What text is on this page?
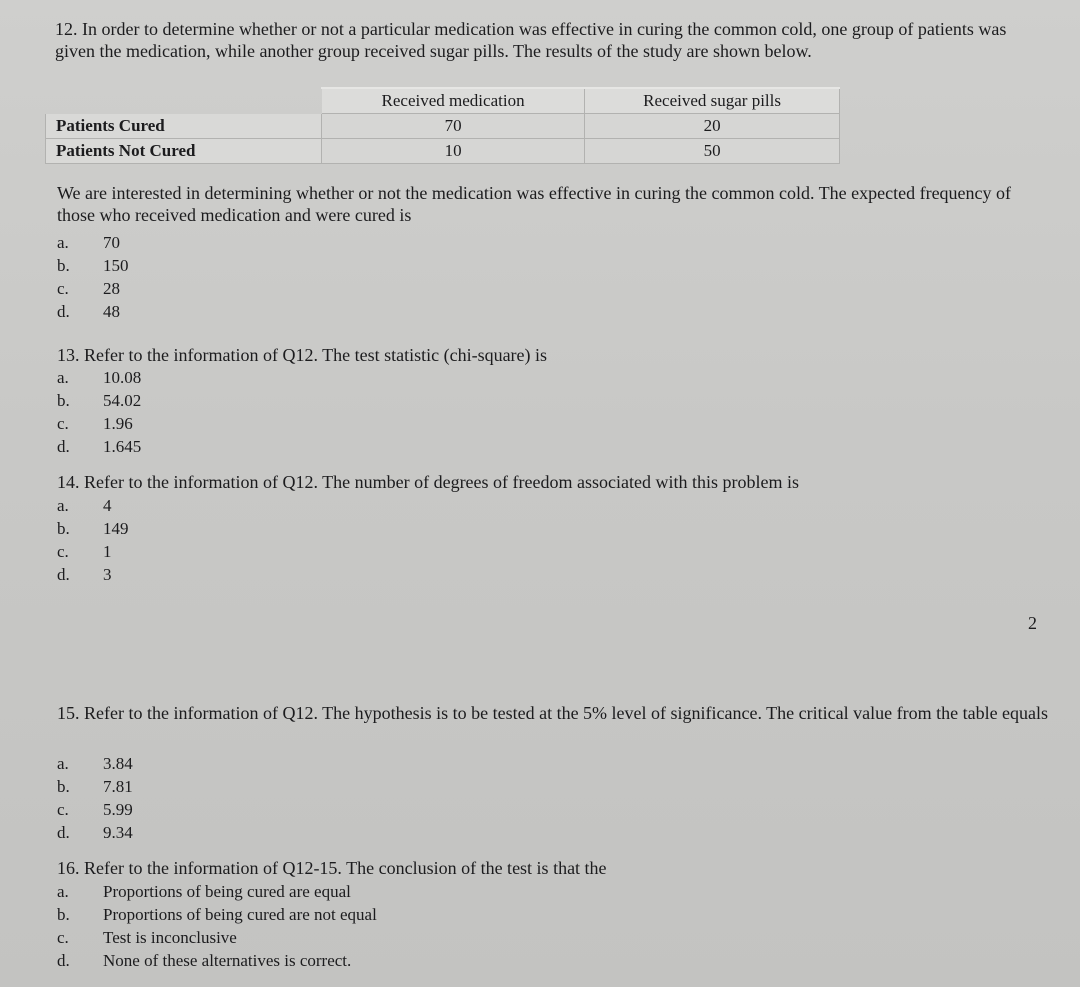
12. In order to determine whether or not a particular medication was effective in curing the common cold, one group of patients was given the medication, while another group received sugar pills. The results of the study are shown below.
	Received medication	Received sugar pills
Patients Cured	70	20
Patients Not Cured	10	50
We are interested in determining whether or not the medication was effective in curing the common cold. The expected frequency of those who received medication and were cured is
a.	70
b.	150
c.	28
d.	48
13. Refer to the information of Q12. The test statistic (chi-square) is
a.	10.08
b.	54.02
c.	1.96
d.	1.645
14. Refer to the information of Q12. The number of degrees of freedom associated with this problem is
a.	4
b.	149
c.	1
d.	3
2
15. Refer to the information of Q12. The hypothesis is to be tested at the 5% level of significance. The critical value from the table equals
a.	3.84
b.	7.81
c.	5.99
d.	9.34
16. Refer to the information of Q12-15. The conclusion of the test is that the
a.	Proportions of being cured are equal
b.	Proportions of being cured are not equal
c.	Test is inconclusive
d.	None of these alternatives is correct.
